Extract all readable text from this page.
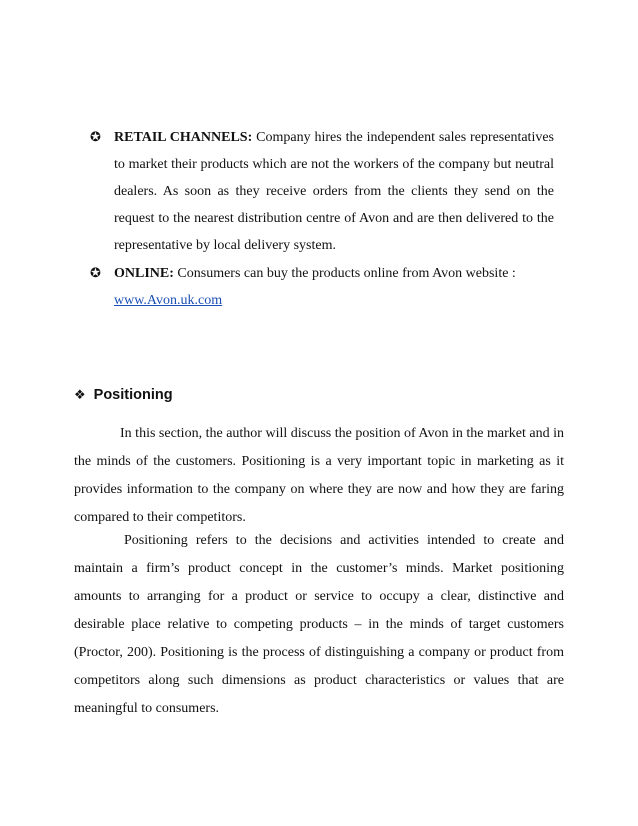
✪ RETAIL CHANNELS: Company hires the independent sales representatives to market their products which are not the workers of the company but neutral dealers. As soon as they receive orders from the clients they send on the request to the nearest distribution centre of Avon and are then delivered to the representative by local delivery system.
✪ ONLINE: Consumers can buy the products online from Avon website :
www.Avon.uk.com
❖ Positioning
In this section, the author will discuss the position of Avon in the market and in the minds of the customers. Positioning is a very important topic in marketing as it provides information to the company on where they are now and how they are faring compared to their competitors.
Positioning refers to the decisions and activities intended to create and maintain a firm’s product concept in the customer’s minds. Market positioning amounts to arranging for a product or service to occupy a clear, distinctive and desirable place relative to competing products – in the minds of target customers (Proctor, 200). Positioning is the process of distinguishing a company or product from competitors along such dimensions as product characteristics or values that are meaningful to consumers.
